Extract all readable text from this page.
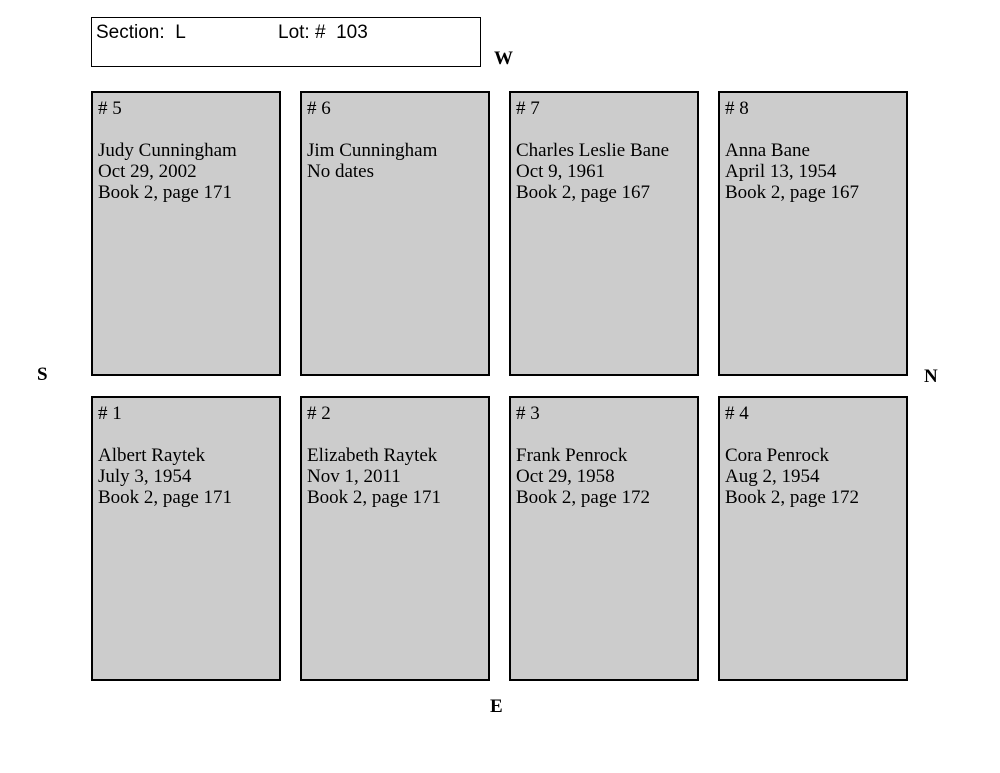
Section:  L	Lot: #  103
W
S	N
E
# 5
Judy Cunningham
Oct 29, 2002
Book 2, page 171
# 6
Jim Cunningham
No dates
# 7
Charles Leslie Bane
Oct 9, 1961
Book 2, page 167
# 8
Anna Bane
April 13, 1954
Book 2, page 167
# 1
Albert Raytek
July 3, 1954
Book 2, page 171
# 2
Elizabeth Raytek
Nov 1, 2011
Book 2, page 171
# 3
Frank Penrock
Oct 29, 1958
Book 2, page 172
# 4
Cora Penrock
Aug 2, 1954
Book 2, page 172
